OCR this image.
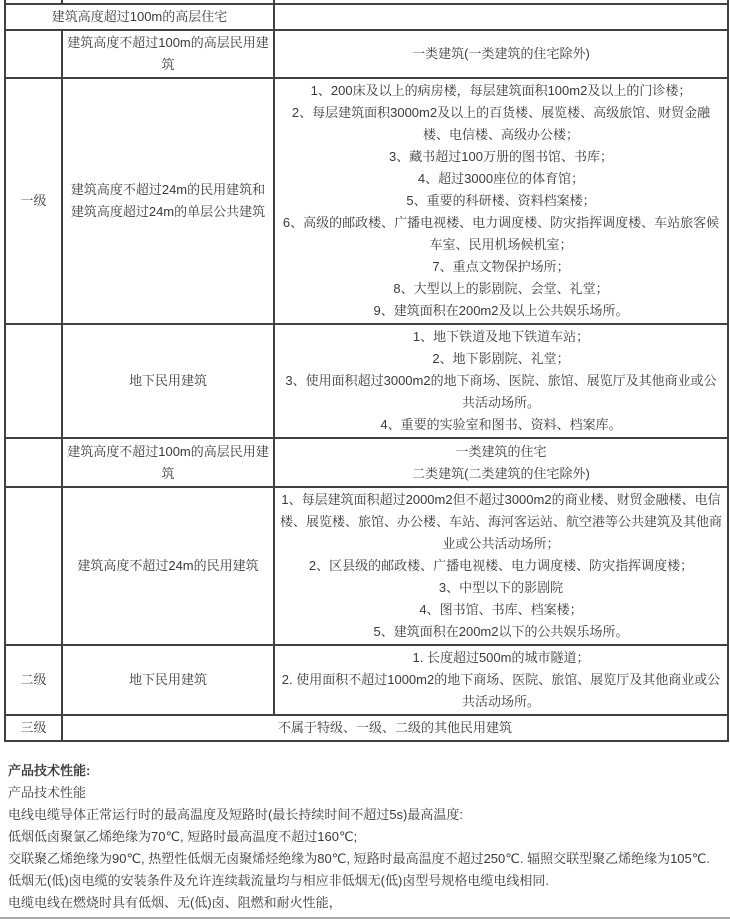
建筑高度超过100m的高层住宅		
	建筑高度不超过100m的高层民用建筑	一类建筑(一类建筑的住宅除外)
一级	建筑高度不超过24m的民用建筑和建筑高度超过24m的单层公共建筑	
1、200床及以上的病房楼，每层建筑面积100m2及以上的门诊楼；
2、每层建筑面积3000m2及以上的百货楼、展览楼、高级旅馆、财贸金融楼、电信楼、高级办公楼；
3、藏书超过100万册的图书馆、书库；
4、超过3000座位的体育馆；
5、重要的科研楼、资料档案楼；
6、高级的邮政楼、广播电视楼、电力调度楼、防灾指挥调度楼、车站旅客候车室、民用机场候机室；
7、重点文物保护场所；
8、大型以上的影剧院、会堂、礼堂；
9、建筑面积在200m2及以上公共娱乐场所。

	地下民用建筑	1、地下铁道及地下铁道车站；
2、地下影剧院、礼堂；
3、使用面积超过3000m2的地下商场、医院、旅馆、展览厅及其他商业或公共活动场所。
4、重要的实验室和图书、资料、档案库。

	建筑高度不超过100m的高层民用建筑	一类建筑的住宅
二类建筑(二类建筑的住宅除外)

	建筑高度不超过24m的民用建筑	1、每层建筑面积超过2000m2但不超过3000m2的商业楼、财贸金融楼、电信楼、展览楼、旅馆、办公楼、车站、海河客运站、航空港等公共建筑及其他商业或公共活动场所；
2、区县级的邮政楼、广播电视楼、电力调度楼、防灾指挥调度楼；
3、中型以下的影剧院
4、图书馆、书库、档案楼；
5、建筑面积在200m2以下的公共娱乐场所。

二级	地下民用建筑	1. 长度超过500m的城市隧道；
2. 使用面积不超过1000m2的地下商场、医院、旅馆、展览厅及其他商业或公共活动场所。

三级	不属于特级、一级、二级的其他民用建筑	
产品技术性能:
产品技术性能
电线电缆导体正常运行时的最高温度及短路时(最长持续时间不超过5s)最高温度:
低烟低卤聚氯乙烯绝缘为70℃, 短路时最高温度不超过160℃;
交联聚乙烯绝缘为90℃, 热塑性低烟无卤聚烯烃绝缘为80℃, 短路时最高温度不超过250℃. 辐照交联型聚乙烯绝缘为105℃.
低烟无(低)卤电缆的安装条件及允许连续载流量均与相应非低烟无(低)卤型号规格电缆电线相同.
电缆电线在燃烧时具有低烟、无(低)卤、阻燃和耐火性能，
